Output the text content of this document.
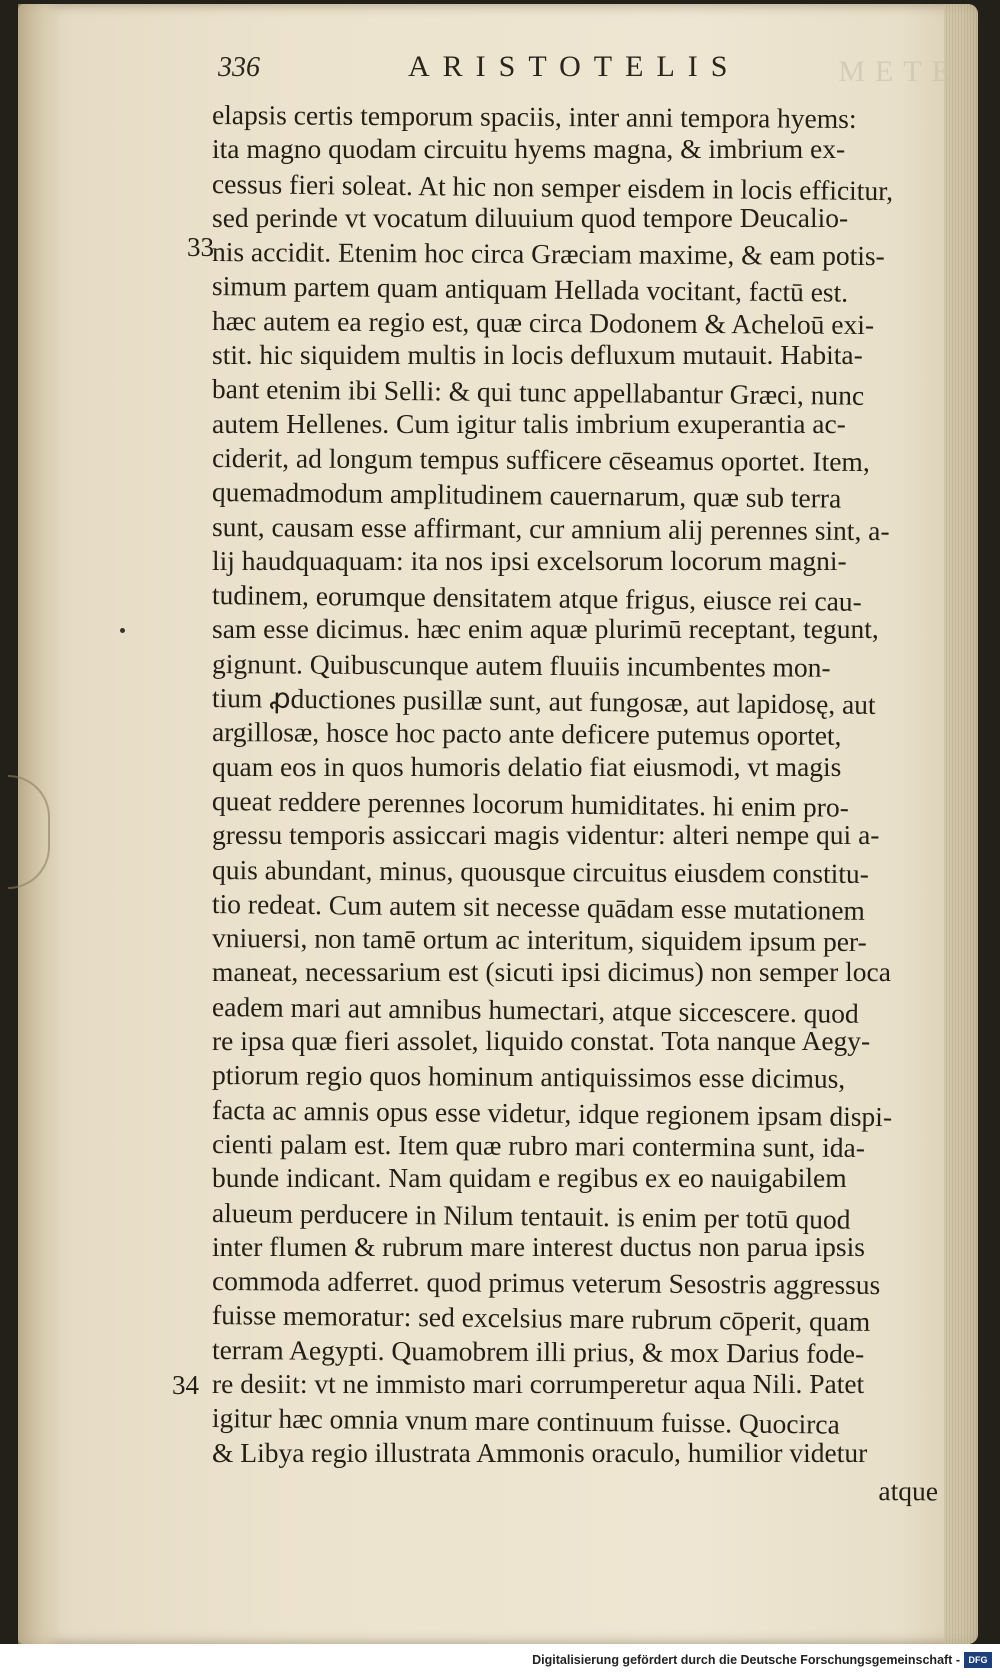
METE
336	ARISTOTELIS
33
34
elapsis certis temporum spaciis, inter anni tempora hyems:
ita magno quodam circuitu hyems magna, & imbrium ex-
cessus fieri soleat. At hic non semper eisdem in locis efficitur,
sed perinde vt vocatum diluuium quod tempore Deucalio-
nis accidit. Etenim hoc circa Græciam maxime, & eam potis-
simum partem quam antiquam Hellada vocitant, factū est.
hæc autem ea regio est, quæ circa Dodonem & Acheloū exi-
stit. hic siquidem multis in locis defluxum mutauit. Habita-
bant etenim ibi Selli: & qui tunc appellabantur Græci, nunc
autem Hellenes. Cum igitur talis imbrium exuperantia ac-
ciderit, ad longum tempus sufficere cēseamus oportet. Item,
quemadmodum amplitudinem cauernarum, quæ sub terra
sunt, causam esse affirmant, cur amnium alij perennes sint, a-
lij haudquaquam: ita nos ipsi excelsorum locorum magni-
tudinem, eorumque densitatem atque frigus, eiusce rei cau-
sam esse dicimus. hæc enim aquæ plurimū receptant, tegunt,
gignunt. Quibuscunque autem fluuiis incumbentes mon-
tium ꝓductiones pusillæ sunt, aut fungosæ, aut lapidosę, aut
argillosæ, hosce hoc pacto ante deficere putemus oportet,
quam eos in quos humoris delatio fiat eiusmodi, vt magis
queat reddere perennes locorum humiditates. hi enim pro-
gressu temporis assiccari magis videntur: alteri nempe qui a-
quis abundant, minus, quousque circuitus eiusdem constitu-
tio redeat. Cum autem sit necesse quādam esse mutationem
vniuersi, non tamē ortum ac interitum, siquidem ipsum per-
maneat, necessarium est (sicuti ipsi dicimus) non semper loca
eadem mari aut amnibus humectari, atque siccescere. quod
re ipsa quæ fieri assolet, liquido constat. Tota nanque Aegy-
ptiorum regio quos hominum antiquissimos esse dicimus,
facta ac amnis opus esse videtur, idque regionem ipsam dispi-
cienti palam est. Item quæ rubro mari contermina sunt, ida-
bunde indicant. Nam quidam e regibus ex eo nauigabilem
alueum perducere in Nilum tentauit. is enim per totū quod
inter flumen & rubrum mare interest ductus non parua ipsis
commoda adferret. quod primus veterum Sesostris aggressus
fuisse memoratur: sed excelsius mare rubrum cōperit, quam
terram Aegypti. Quamobrem illi prius, & mox Darius fode-
re desiit: vt ne immisto mari corrumperetur aqua Nili. Patet
igitur hæc omnia vnum mare continuum fuisse. Quocirca
& Libya regio illustrata Ammonis oraculo, humilior videtur
atque
Digitalisierung gefördert durch die Deutsche Forschungsgemeinschaft - DFG
